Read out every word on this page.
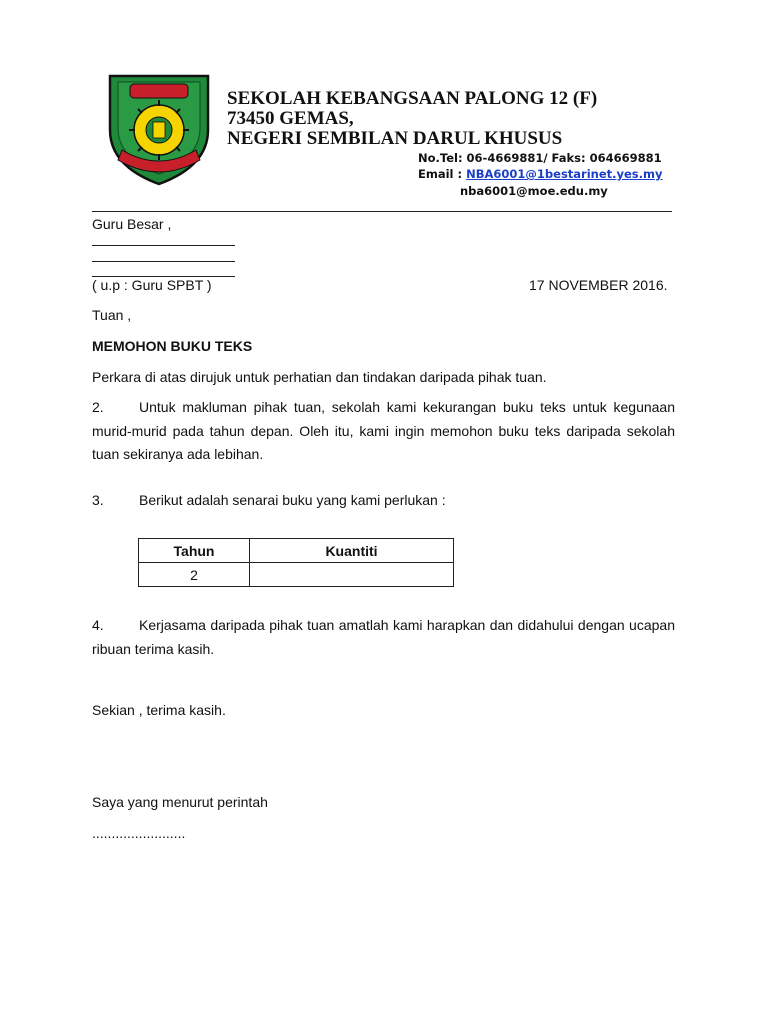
SEKOLAH KEBANGSAAN PALONG 12 (F)
73450 GEMAS,
NEGERI SEMBILAN DARUL KHUSUS
No.Tel: 06-4669881/ Faks: 064669881
Email : NBA6001@1bestarinet.yes.my
nba6001@moe.edu.my
Guru Besar ,
( u.p : Guru SPBT )	17 NOVEMBER 2016.
Tuan ,
MEMOHON BUKU TEKS
Perkara di atas dirujuk untuk perhatian dan tindakan daripada pihak tuan.
2.	Untuk makluman pihak tuan, sekolah kami kekurangan buku teks untuk kegunaan murid-murid pada tahun depan. Oleh itu, kami ingin memohon buku teks daripada sekolah tuan sekiranya ada lebihan.
3.	Berikut adalah senarai buku yang kami perlukan :
Tahun	Kuantiti
2	
4.	Kerjasama daripada pihak tuan amatlah kami harapkan dan didahului dengan ucapan ribuan terima kasih.
Sekian , terima kasih.
Saya yang menurut perintah
........................
